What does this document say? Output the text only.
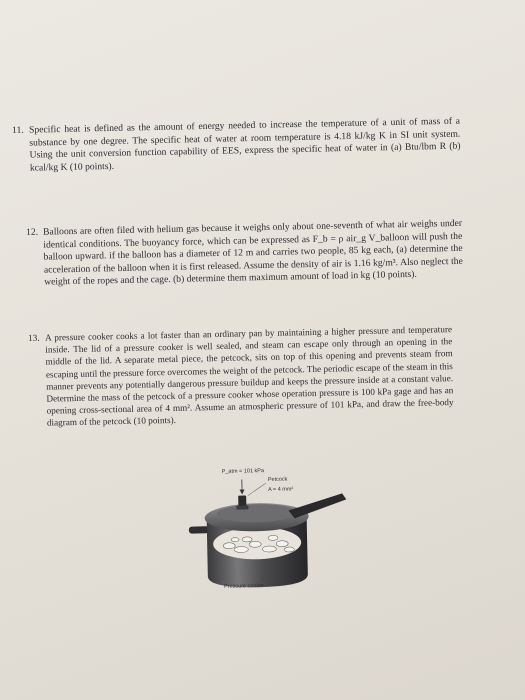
11. Specific heat is defined as the amount of energy needed to increase the temperature of a unit of mass of a substance by one degree. The specific heat of water at room temperature is 4.18 kJ/kg K in SI unit system. Using the unit conversion function capability of EES, express the specific heat of water in (a) Btu/lbm R (b) kcal/kg K (10 points).
12. Balloons are often filed with helium gas because it weighs only about one-seventh of what air weighs under identical conditions. The buoyancy force, which can be expressed as F_b = ρ air_g V_balloon will push the balloon upward. if the balloon has a diameter of 12 m and carries two people, 85 kg each, (a) determine the acceleration of the balloon when it is first released. Assume the density of air is 1.16 kg/m³. Also neglect the weight of the ropes and the cage. (b) determine them maximum amount of load in kg (10 points).
13. A pressure cooker cooks a lot faster than an ordinary pan by maintaining a higher pressure and temperature inside. The lid of a pressure cooker is well sealed, and steam can escape only through an opening in the middle of the lid. A separate metal piece, the petcock, sits on top of this opening and prevents steam from escaping until the pressure force overcomes the weight of the petcock. The periodic escape of the steam in this manner prevents any potentially dangerous pressure buildup and keeps the pressure inside at a constant value. Determine the mass of the petcock of a pressure cooker whose operation pressure is 100 kPa gage and has an opening cross-sectional area of 4 mm². Assume an atmospheric pressure of 101 kPa, and draw the free-body diagram of the petcock (10 points).
P_atm = 101 kPa
Petcock
A = 4 mm²
Pressure cooker
